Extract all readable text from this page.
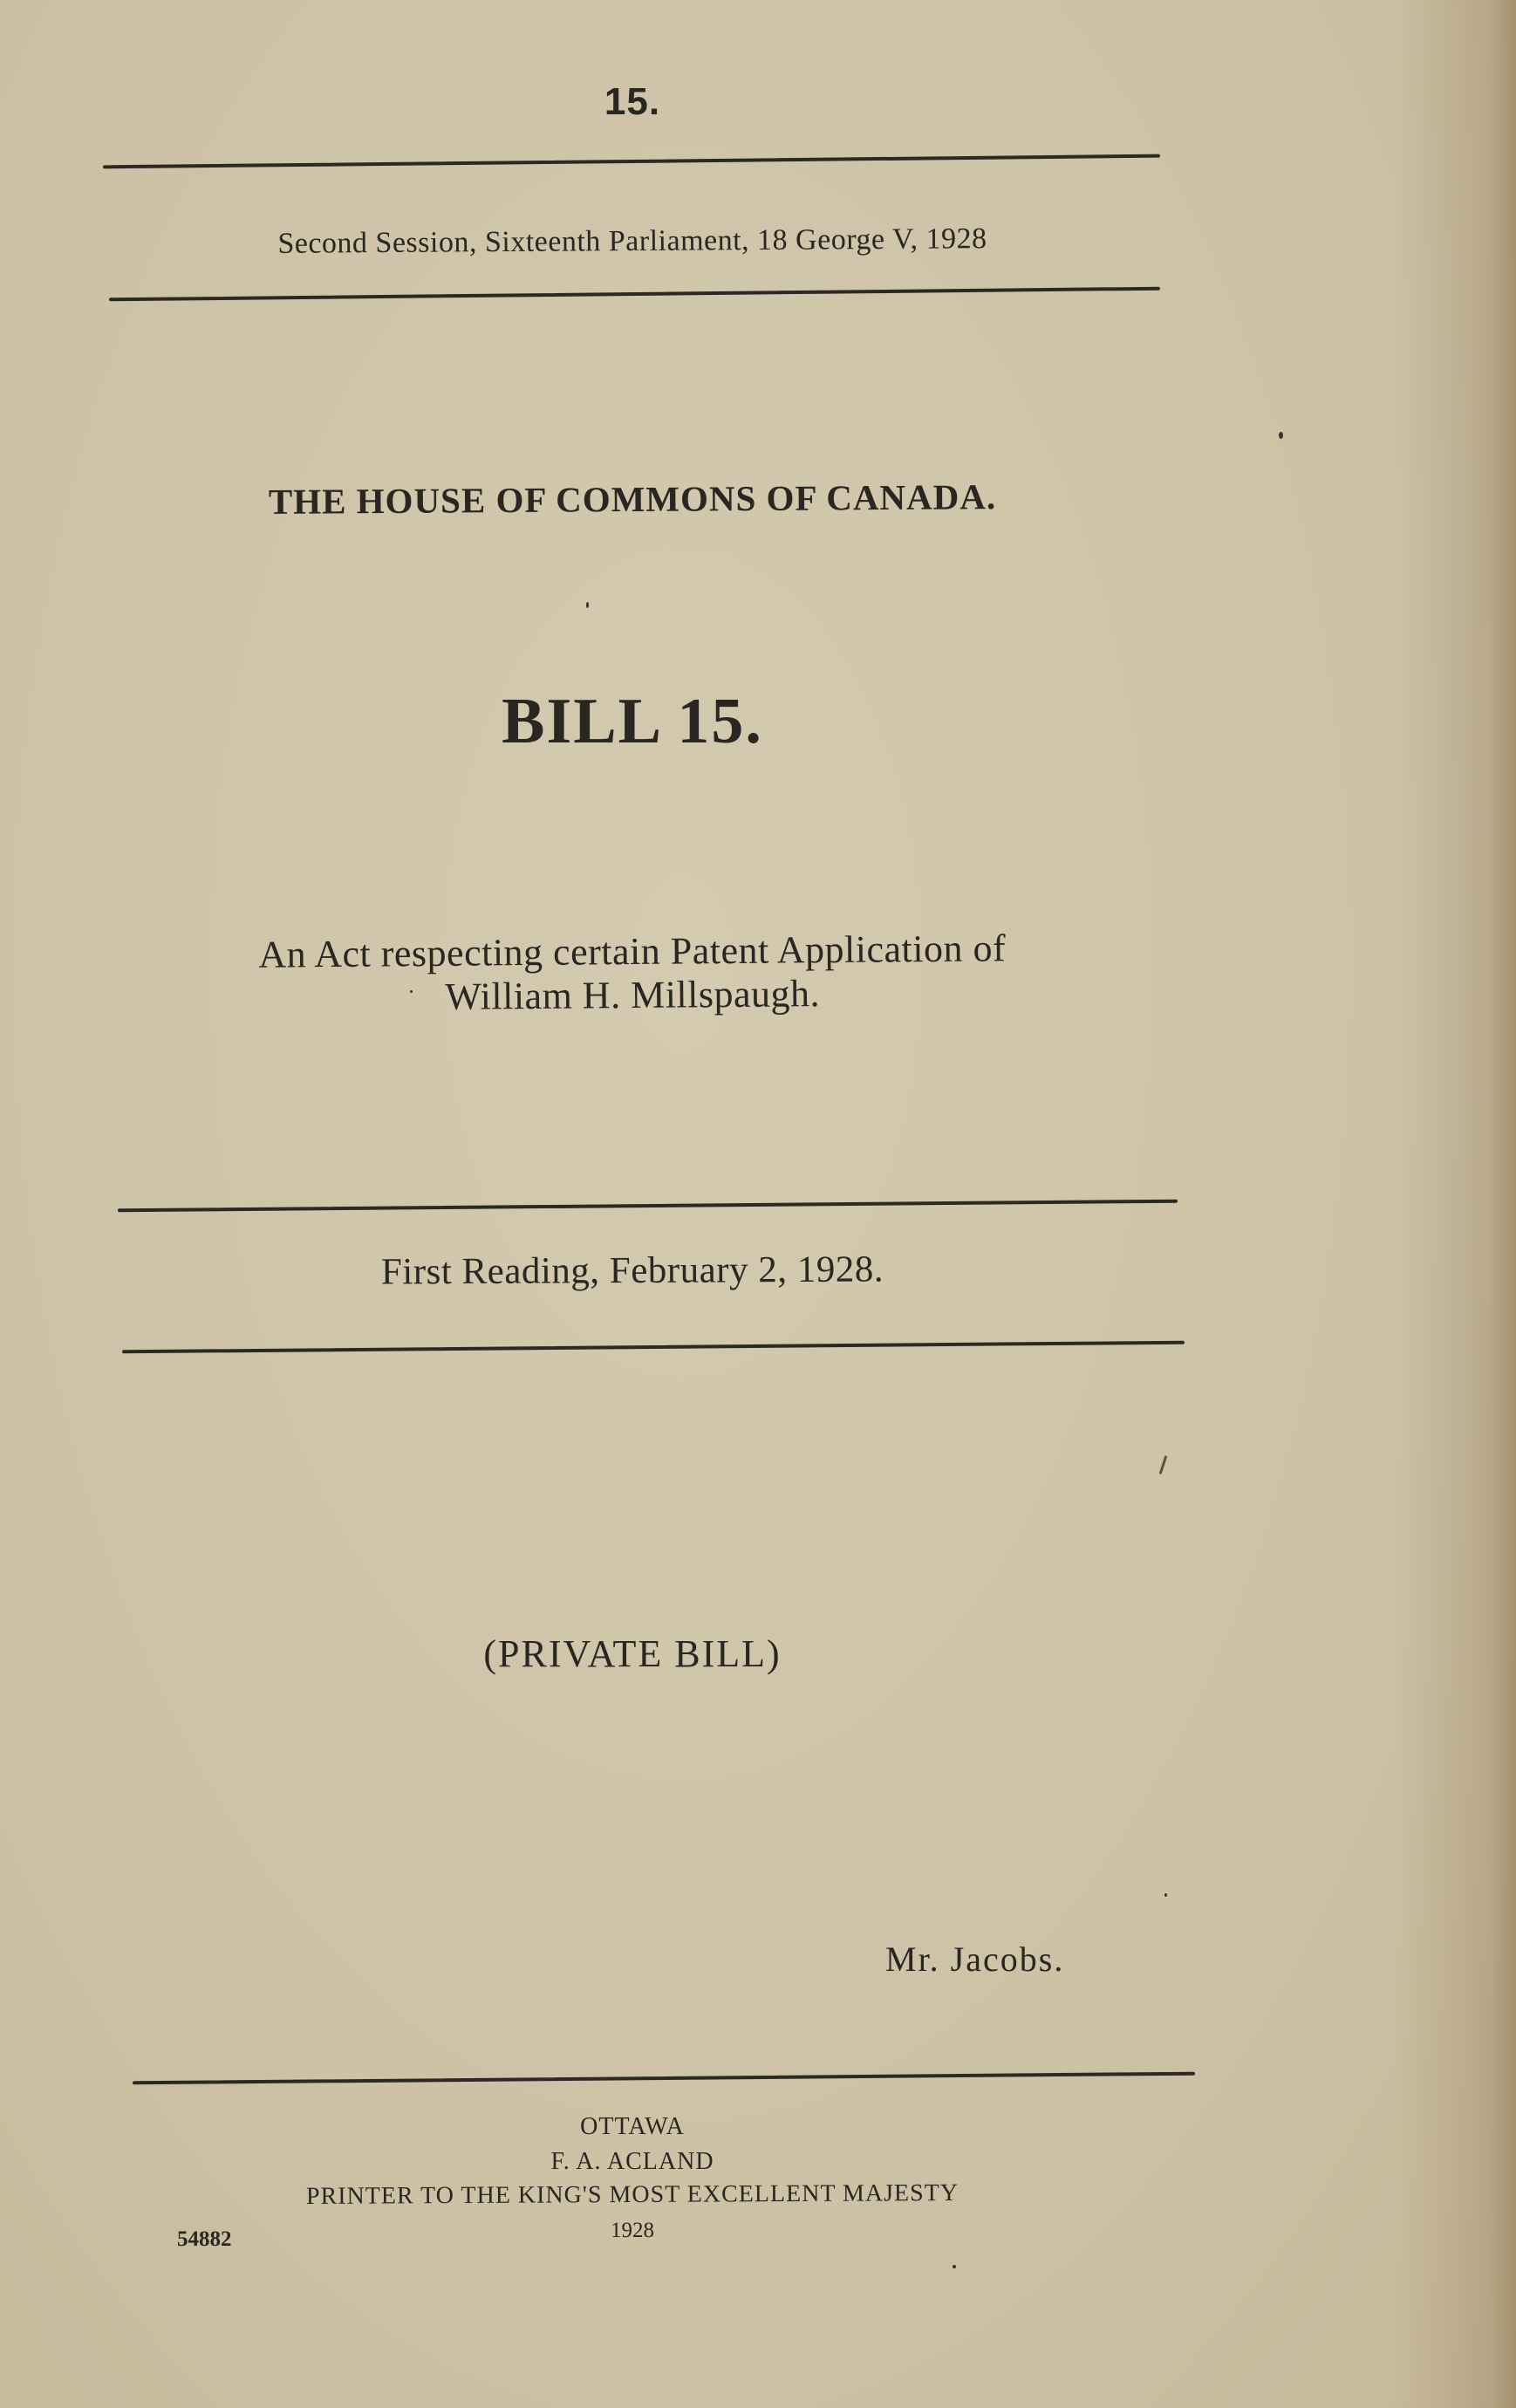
15.
Second Session, Sixteenth Parliament, 18 George V, 1928
THE HOUSE OF COMMONS OF CANADA.
BILL 15.
An Act respecting certain Patent Application of
William H. Millspaugh.
First Reading, February 2, 1928.
(PRIVATE BILL)
Mr. Jacobs.
OTTAWA
F. A. ACLAND
PRINTER TO THE KING'S MOST EXCELLENT MAJESTY
1928
54882
